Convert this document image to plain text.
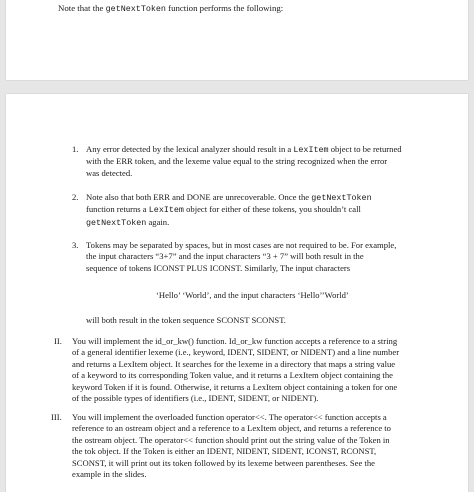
Note that the getNextToken function performs the following:
1. Any error detected by the lexical analyzer should result in a LexItem object to be returned
with the ERR token, and the lexeme value equal to the string recognized when the error
was detected.
2. Note also that both ERR and DONE are unrecoverable. Once the getNextToken
function returns a LexItem object for either of these tokens, you shouldn’t call
getNextToken again.
3. Tokens may be separated by spaces, but in most cases are not required to be. For example,
the input characters “3+7” and the input characters “3 + 7” will both result in the
sequence of tokens ICONST PLUS ICONST. Similarly, The input characters
‘Hello’ ‘World’, and the input characters ‘Hello’’World’
will both result in the token sequence SCONST SCONST.
II. You will implement the id_or_kw() function. Id_or_kw function accepts a reference to a string
of a general identifier lexeme (i.e., keyword, IDENT, SIDENT, or NIDENT) and a line number
and returns a LexItem object. It searches for the lexeme in a directory that maps a string value
of a keyword to its corresponding Token value, and it returns a LexItem object containing the
keyword Token if it is found. Otherwise, it returns a LexItem object containing a token for one
of the possible types of identifiers (i.e., IDENT, SIDENT, or NIDENT).
III. You will implement the overloaded function operator<<. The operator<< function accepts a
reference to an ostream object and a reference to a LexItem object, and returns a reference to
the ostream object. The operator<< function should print out the string value of the Token in
the tok object. If the Token is either an IDENT, NIDENT, SIDENT, ICONST, RCONST,
SCONST, it will print out its token followed by its lexeme between parentheses. See the
example in the slides.
